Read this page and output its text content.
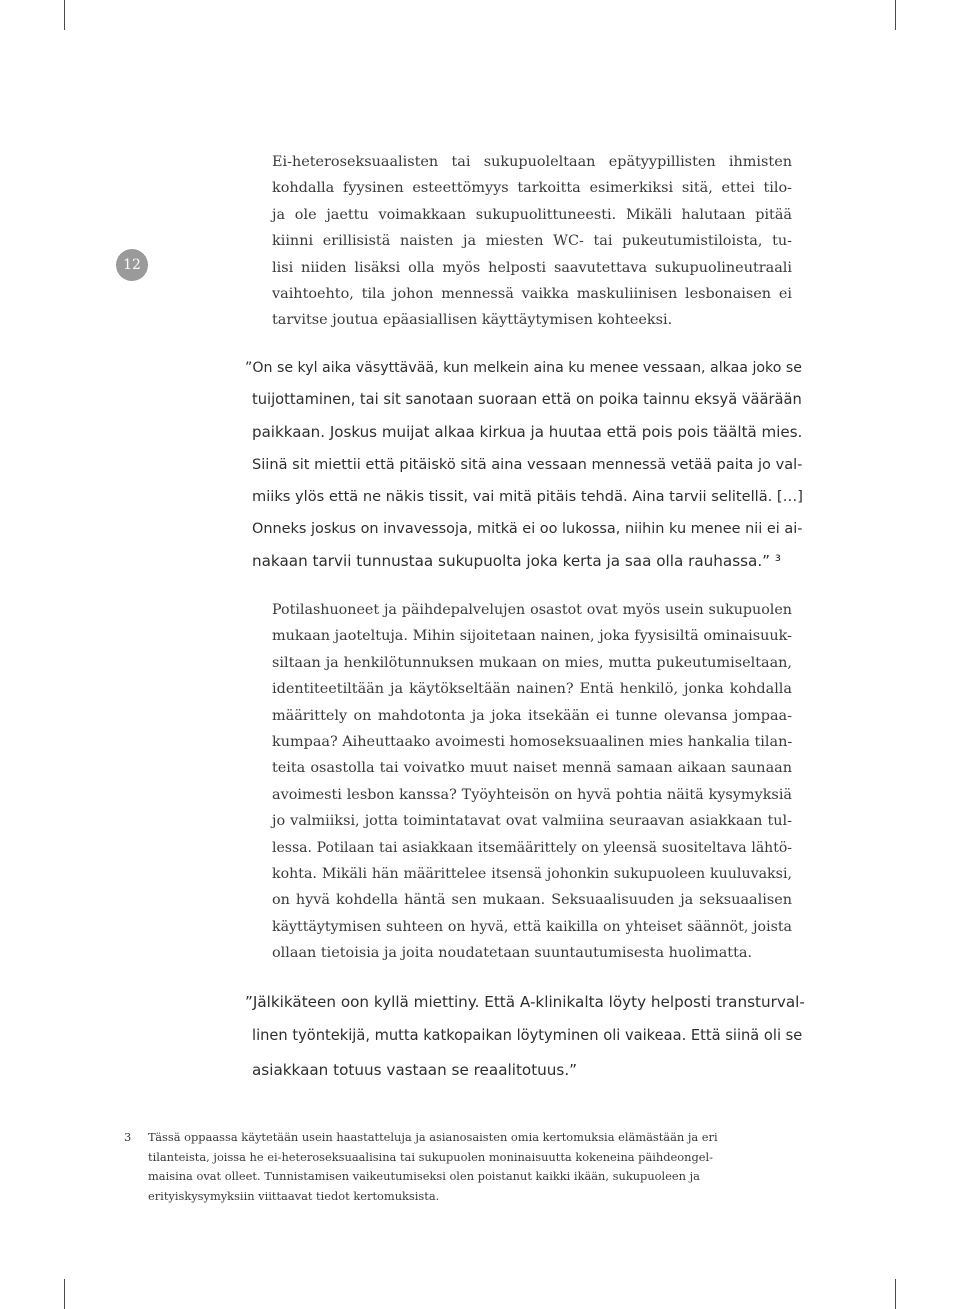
12
Ei-heteroseksuaalisten tai sukupuoleltaan epätyypillisten ihmisten
kohdalla fyysinen esteettömyys tarkoitta esimerkiksi sitä, ettei tilo-
ja ole jaettu voimakkaan sukupuolittuneesti. Mikäli halutaan pitää
kiinni erillisistä naisten ja miesten WC- tai pukeutumistiloista, tu-
lisi niiden lisäksi olla myös helposti saavutettava sukupuolineutraali
vaihtoehto, tila johon mennessä vaikka maskuliinisen lesbonaisen ei
tarvitse joutua epäasiallisen käyttäytymisen kohteeksi.
”On se kyl aika väsyttävää, kun melkein aina ku menee vessaan, alkaa joko se
tuijottaminen, tai sit sanotaan suoraan että on poika tainnu eksyä väärään
paikkaan. Joskus muijat alkaa kirkua ja huutaa että pois pois täältä mies.
Siinä sit miettii että pitäiskö sitä aina vessaan mennessä vetää paita jo val-
miiks ylös että ne näkis tissit, vai mitä pitäis tehdä. Aina tarvii selitellä. […]
Onneks joskus on invavessoja, mitkä ei oo lukossa, niihin ku menee nii ei ai-
nakaan tarvii tunnustaa sukupuolta joka kerta ja saa olla rauhassa.” ³
Potilashuoneet ja päihdepalvelujen osastot ovat myös usein sukupuolen
mukaan jaoteltuja. Mihin sijoitetaan nainen, joka fyysisiltä ominaisuuk-
siltaan ja henkilötunnuksen mukaan on mies, mutta pukeutumiseltaan,
identiteetiltään ja käytökseltään nainen? Entä henkilö, jonka kohdalla
määrittely on mahdotonta ja joka itsekään ei tunne olevansa jompaa-
kumpaa? Aiheuttaako avoimesti homoseksuaalinen mies hankalia tilan-
teita osastolla tai voivatko muut naiset mennä samaan aikaan saunaan
avoimesti lesbon kanssa? Työyhteisön on hyvä pohtia näitä kysymyksiä
jo valmiiksi, jotta toimintatavat ovat valmiina seuraavan asiakkaan tul-
lessa. Potilaan tai asiakkaan itsemäärittely on yleensä suositeltava lähtö-
kohta. Mikäli hän määrittelee itsensä johonkin sukupuoleen kuuluvaksi,
on hyvä kohdella häntä sen mukaan. Seksuaalisuuden ja seksuaalisen
käyttäytymisen suhteen on hyvä, että kaikilla on yhteiset säännöt, joista
ollaan tietoisia ja joita noudatetaan suuntautumisesta huolimatta.
”Jälkikäteen oon kyllä miettiny. Että A-klinikalta löyty helposti transturval-
linen työntekijä, mutta katkopaikan löytyminen oli vaikeaa. Että siinä oli se
asiakkaan totuus vastaan se reaalitotuus.”
3 Tässä oppaassa käytetään usein haastatteluja ja asianosaisten omia kertomuksia elämästään ja eri
tilanteista, joissa he ei-heteroseksuaalisina tai sukupuolen moninaisuutta kokeneina päihdeongel-
maisina ovat olleet. Tunnistamisen vaikeutumiseksi olen poistanut kaikki ikään, sukupuoleen ja
erityiskysymyksiin viittaavat tiedot kertomuksista.
